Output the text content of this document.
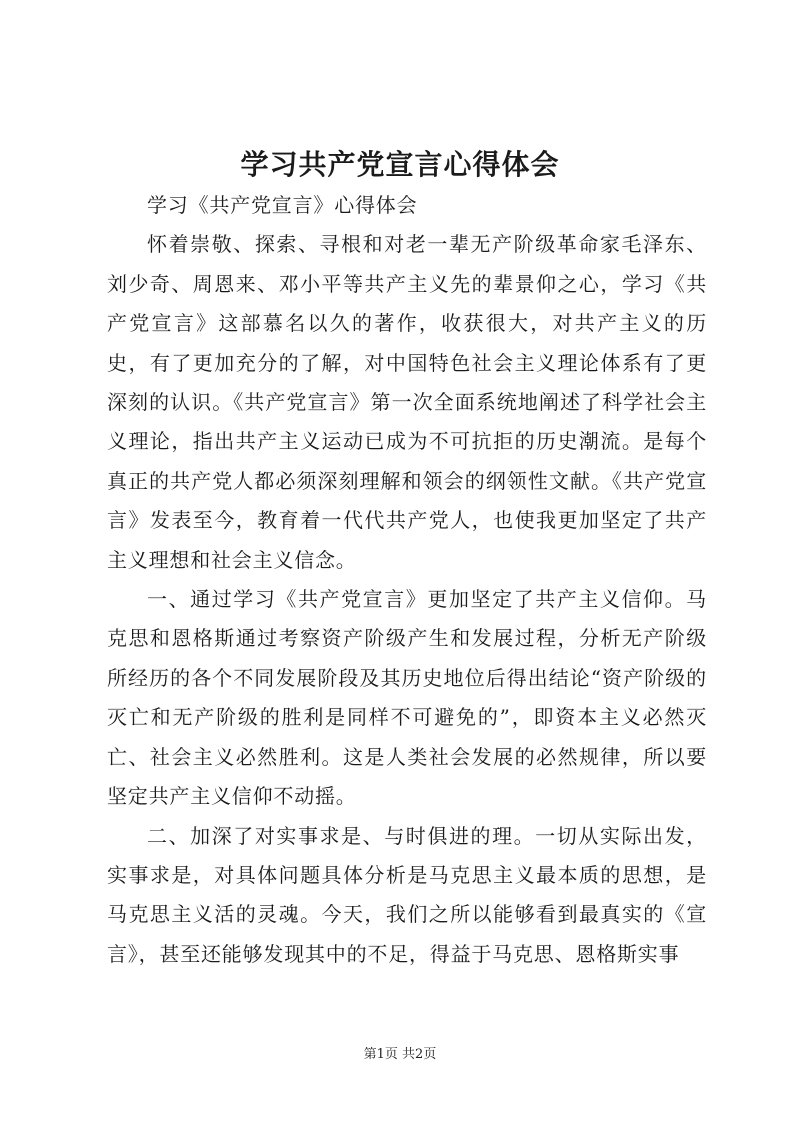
学习共产党宣言心得体会

学习《共产党宣言》心得体会

怀着崇敬、探索、寻根和对老一辈无产阶级革命家毛泽东、刘少奇、周恩来、邓小平等共产主义先的辈景仰之心，学习《共产党宣言》这部慕名以久的著作，收获很大，对共产主义的历史，有了更加充分的了解，对中国特色社会主义理论体系有了更深刻的认识。《共产党宣言》第一次全面系统地阐述了科学社会主义理论，指出共产主义运动已成为不可抗拒的历史潮流。是每个真正的共产党人都必须深刻理解和领会的纲领性文献。《共产党宣言》发表至今，教育着一代代共产党人，也使我更加坚定了共产主义理想和社会主义信念。

一、通过学习《共产党宣言》更加坚定了共产主义信仰。马克思和恩格斯通过考察资产阶级产生和发展过程，分析无产阶级所经历的各个不同发展阶段及其历史地位后得出结论“资产阶级的灭亡和无产阶级的胜利是同样不可避免的”，即资本主义必然灭亡、社会主义必然胜利。这是人类社会发展的必然规律，所以要坚定共产主义信仰不动摇。

二、加深了对实事求是、与时俱进的理。一切从实际出发，实事求是，对具体问题具体分析是马克思主义最本质的思想，是马克思主义活的灵魂。今天，我们之所以能够看到最真实的《宣言》，甚至还能够发现其中的不足，得益于马克思、恩格斯实事

第1页 共2页
